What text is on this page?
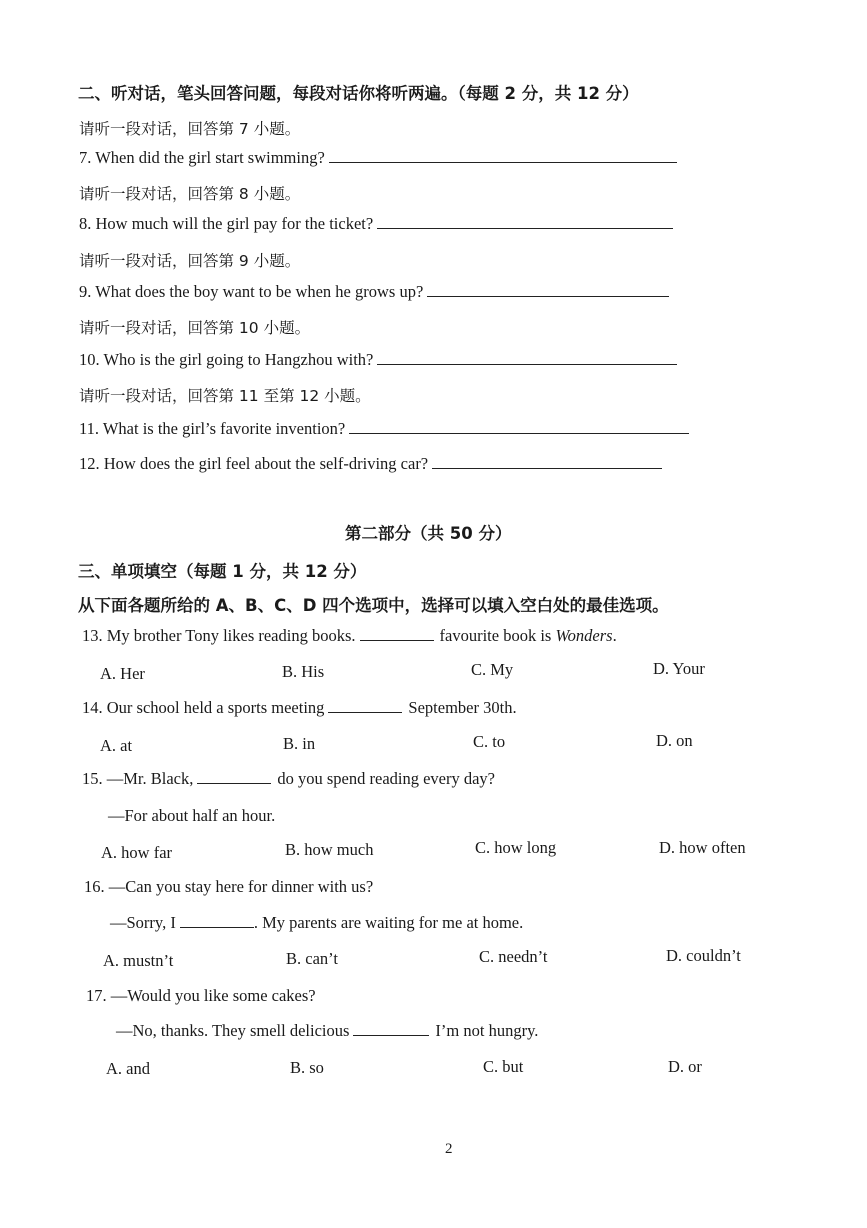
二、听对话，笔头回答问题，每段对话你将听两遍。（每题 2 分，共 12 分）
请听一段对话，回答第 7 小题。
7. When did the girl start swimming?
请听一段对话，回答第 8 小题。
8. How much will the girl pay for the ticket?
请听一段对话，回答第 9 小题。
9. What does the boy want to be when he grows up?
请听一段对话，回答第 10 小题。
10. Who is the girl going to Hangzhou with?
请听一段对话，回答第 11 至第 12 小题。
11. What is the girl’s favorite invention?
12. How does the girl feel about the self-driving car?
第二部分（共 50 分）
三、单项填空（每题 1 分，共 12 分）
从下面各题所给的 A、B、C、D 四个选项中，选择可以填入空白处的最佳选项。
13. My brother Tony likes reading books.	favourite book is Wonders.
A. Her	B. His	C. My	D. Your
14. Our school held a sports meeting	September 30th.
A. at	B. in	C. to	D. on
15. —Mr. Black,	do you spend reading every day?
—For about half an hour.
A. how far	B. how much	C. how long	D. how often
16. —Can you stay here for dinner with us?
—Sorry, I	. My parents are waiting for me at home.
A. mustn’t	B. can’t	C. needn’t	D. couldn’t
17. —Would you like some cakes?
—No, thanks. They smell delicious	I’m not hungry.
A. and	B. so	C. but	D. or
2
